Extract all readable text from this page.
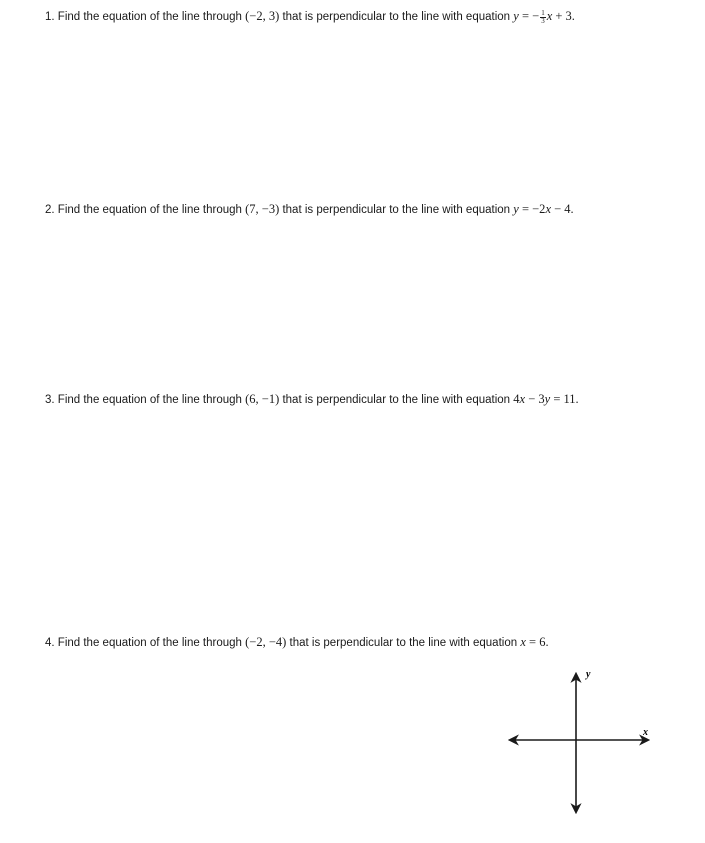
1. Find the equation of the line through (−2, 3) that is perpendicular to the line with equation y = − $\frac{1}{3}$ x + 3.
2. Find the equation of the line through (7, −3) that is perpendicular to the line with equation y = −2x − 4.
3. Find the equation of the line through (6, −1) that is perpendicular to the line with equation 4x − 3y = 11.
4. Find the equation of the line through (−2, −4) that is perpendicular to the line with equation x = 6.
x
y
